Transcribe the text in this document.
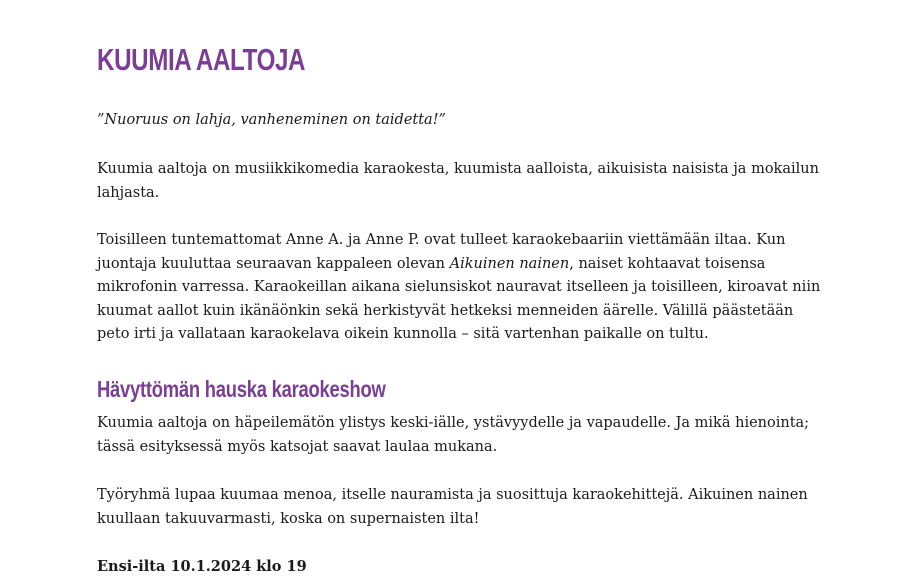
KUUMIA AALTOJA

”Nuoruus on lahja, vanheneminen on taidetta!”

Kuumia aaltoja on musiikkikomedia karaokesta, kuumista aalloista, aikuisista naisista ja mokailun lahjasta.

Toisilleen tuntemattomat Anne A. ja Anne P. ovat tulleet karaokebaariin viettämään iltaa. Kun juontaja kuuluttaa seuraavan kappaleen olevan Aikuinen nainen, naiset kohtaavat toisensa mikrofonin varressa. Karaokeillan aikana sielunsiskot nauravat itselleen ja toisilleen, kiroavat niin kuumat aallot kuin ikänäönkin sekä herkistyvät hetkeksi menneiden äärelle. Välillä päästetään peto irti ja vallataan karaokelava oikein kunnolla – sitä vartenhan paikalle on tultu.

Hävyttömän hauska karaokeshow

Kuumia aaltoja on häpeilemätön ylistys keski-iälle, ystävyydelle ja vapaudelle. Ja mikä hienointa; tässä esityksessä myös katsojat saavat laulaa mukana.

Työryhmä lupaa kuumaa menoa, itselle nauramista ja suosittuja karaokehittejä. Aikuinen nainen kuullaan takuuvarmasti, koska on supernaisten ilta!

Ensi-ilta 10.1.2024 klo 19
